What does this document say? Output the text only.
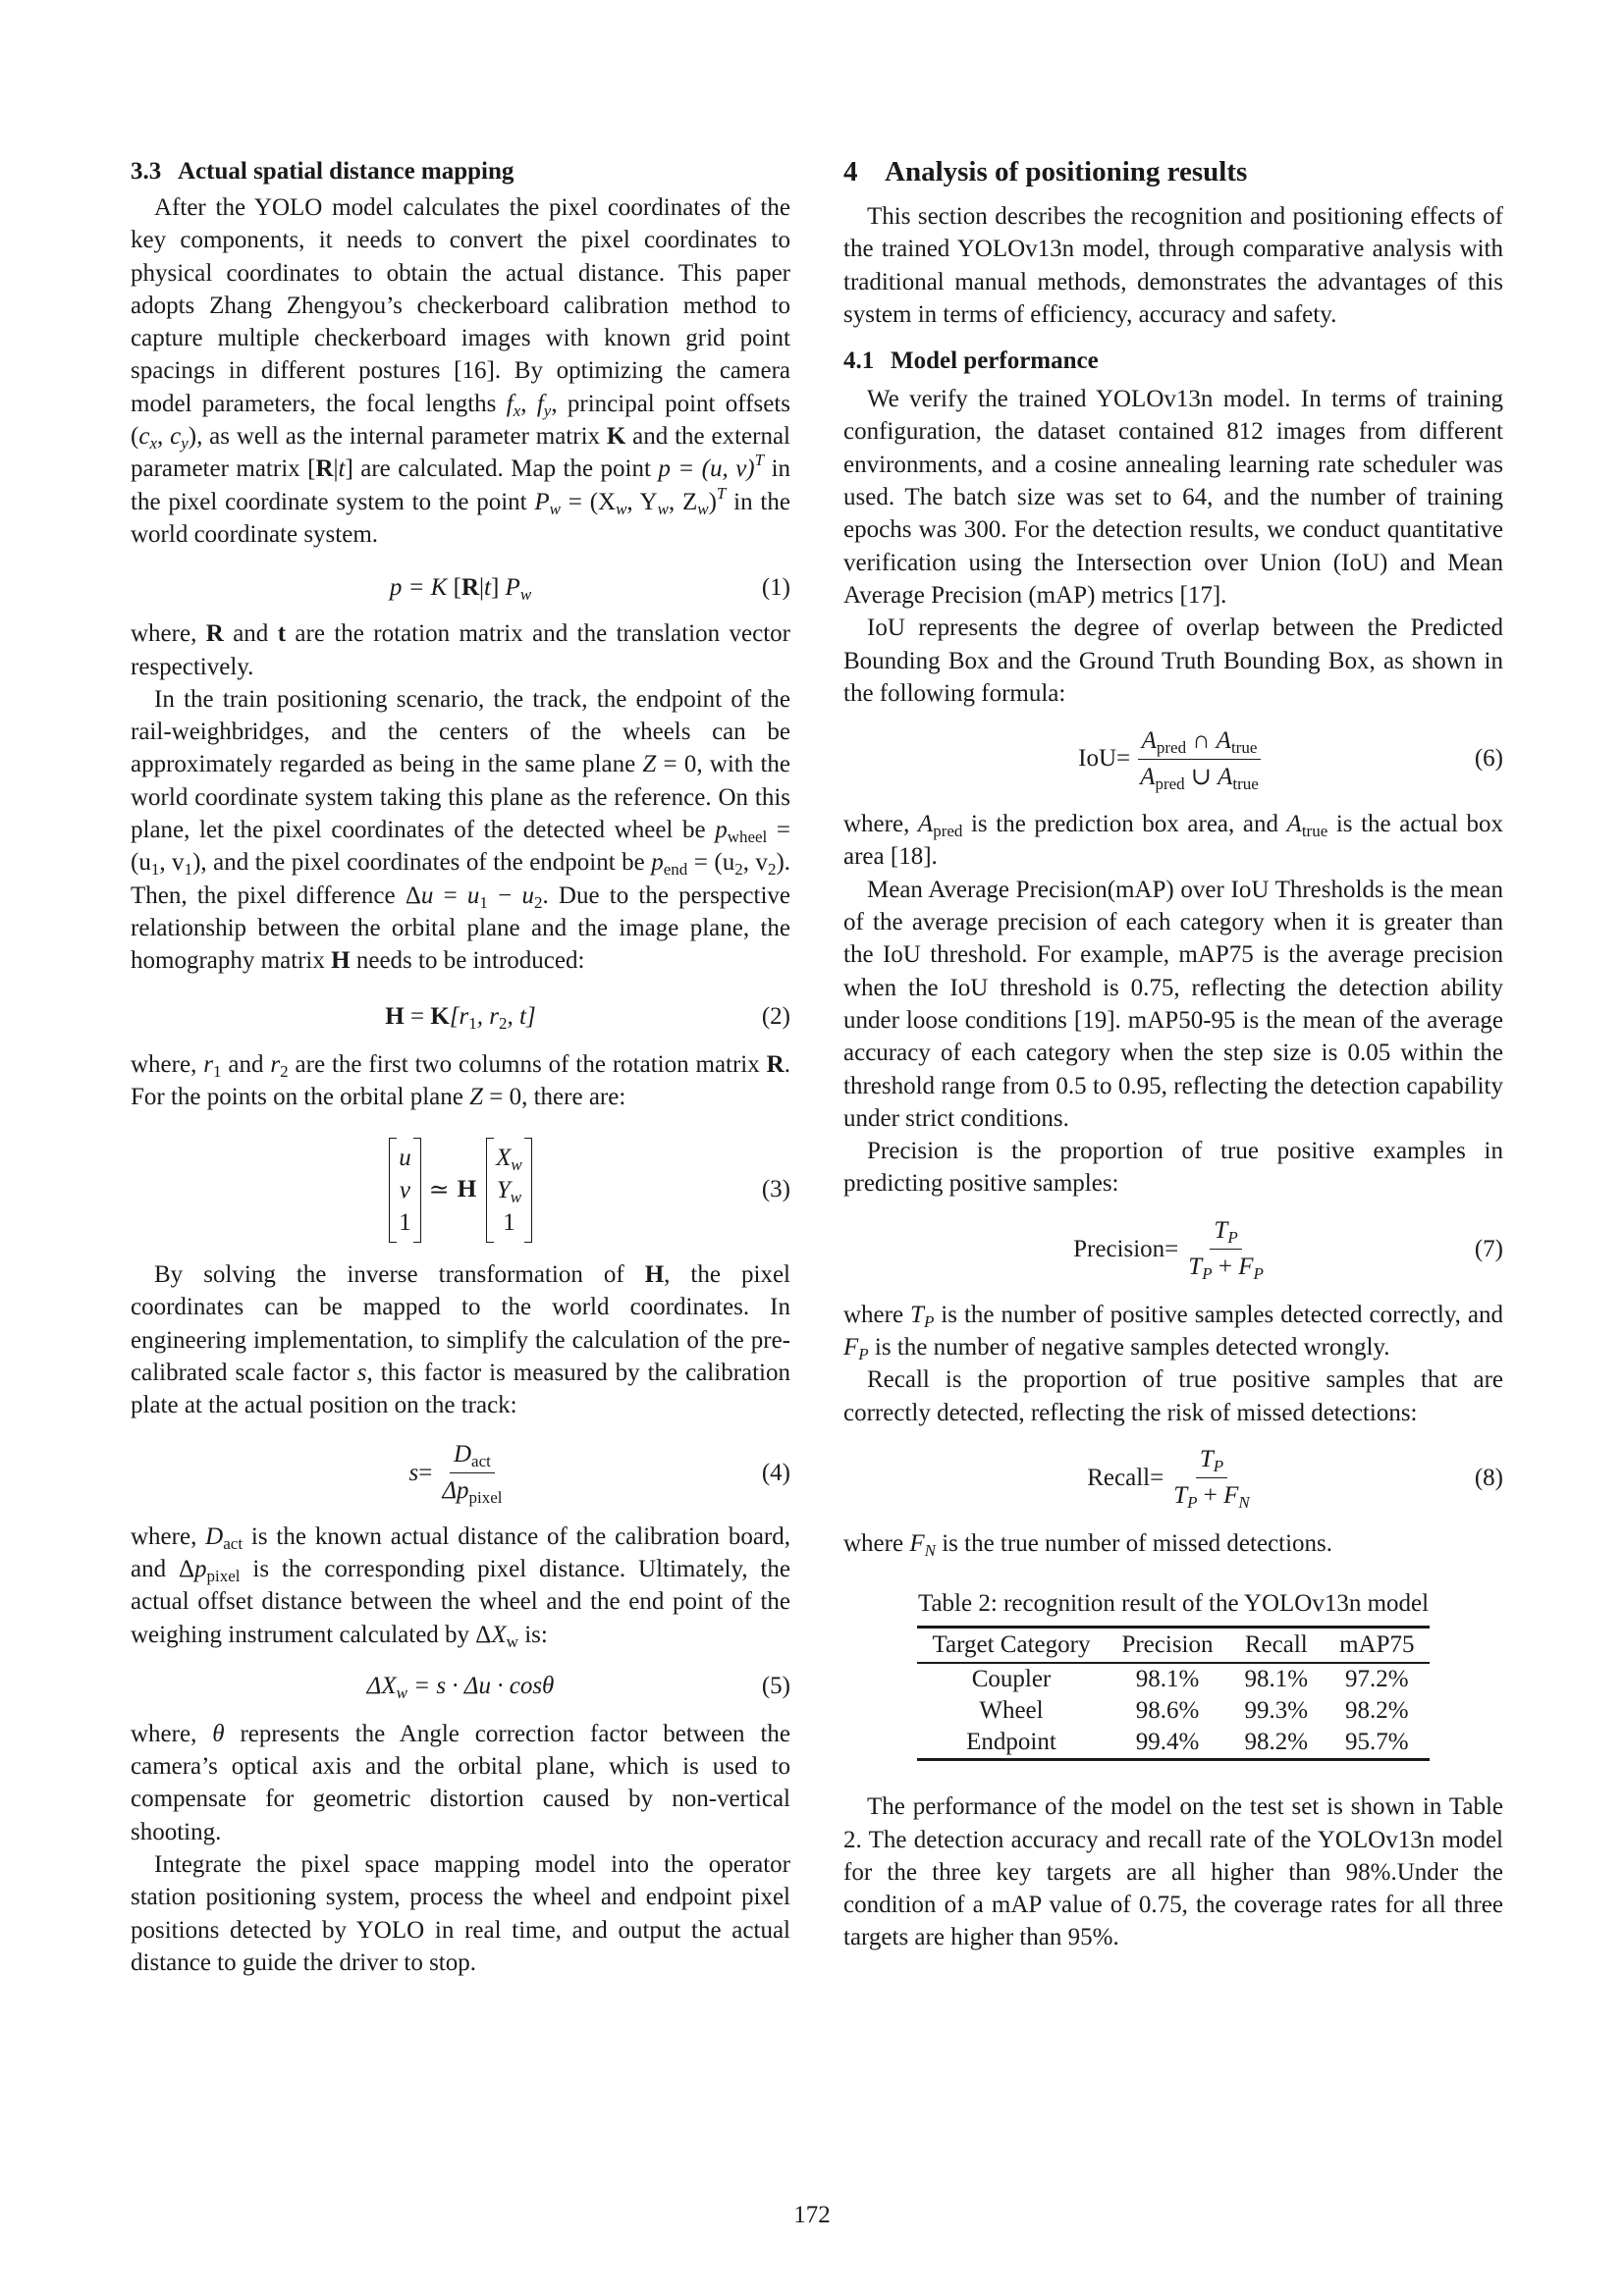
3.3 Actual spatial distance mapping

After the YOLO model calculates the pixel coordinates of the key components, it needs to convert the pixel coordinates to physical coordinates to obtain the actual distance. This paper adopts Zhang Zhengyou’s checkerboard calibration method to capture multiple checkerboard images with known grid point spacings in different postures [16]. By optimizing the camera model parameters, the focal lengths $f_x$, $f_y$, principal point offsets ($c_x$, $c_y$), as well as the internal parameter matrix K and the external parameter matrix [R|t] are calculated. Map the point p = (u, v)$^T$ in the pixel coordinate system to the point $P_w = (X_w$, $Y_w$, $Z_w)^T$ in the world coordinate system.

p = K [R|t] $P_w$	(1)

where, R and t are the rotation matrix and the translation vector respectively.

In the train positioning scenario, the track, the endpoint of the rail-weighbridges, and the centers of the wheels can be approximately regarded as being in the same plane Z = 0, with the world coordinate system taking this plane as the reference. On this plane, let the pixel coordinates of the detected wheel be $p_{wheel} = (u_1$, $v_1$), and the pixel coordinates of the endpoint be $p_{end} = (u_2$, $v_2$). Then, the pixel difference $\Delta u = u_1 - u_2$. Due to the perspective relationship between the orbital plane and the image plane, the homography matrix H needs to be introduced:

$H = K[r_1$, $r_2$, t]	(2)

where, $r_1$ and $r_2$ are the first two columns of the rotation matrix R. For the points on the orbital plane Z = 0, there are:

u
v
1
≃ H
$X_w$
$Y_w$
1
(3)

By solving the inverse transformation of H, the pixel coordinates can be mapped to the world coordinates. In engineering implementation, to simplify the calculation of the pre-calibrated scale factor s, this factor is measured by the calibration plate at the actual position on the track:

$s = \frac{D_{act}}{\Delta p_{pixel}}$	(4)

where, $D_{act}$ is the known actual distance of the calibration board, and $\Delta p_{pixel}$ is the corresponding pixel distance. Ultimately, the actual offset distance between the wheel and the end point of the weighing instrument calculated by $\Delta X_w$ is:

$\Delta X_w = s \cdot \Delta u \cdot \cos\theta$	(5)

where, θ represents the Angle correction factor between the camera’s optical axis and the orbital plane, which is used to compensate for geometric distortion caused by non-vertical shooting.

Integrate the pixel space mapping model into the operator station positioning system, process the wheel and endpoint pixel positions detected by YOLO in real time, and output the actual distance to guide the driver to stop.

4 Analysis of positioning results

This section describes the recognition and positioning effects of the trained YOLOv13n model, through comparative analysis with traditional manual methods, demonstrates the advantages of this system in terms of efficiency, accuracy and safety.

4.1 Model performance

We verify the trained YOLOv13n model. In terms of training configuration, the dataset contained 812 images from different environments, and a cosine annealing learning rate scheduler was used. The batch size was set to 64, and the number of training epochs was 300. For the detection results, we conduct quantitative verification using the Intersection over Union (IoU) and Mean Average Precision (mAP) metrics [17].

IoU represents the degree of overlap between the Predicted Bounding Box and the Ground Truth Bounding Box, as shown in the following formula:

IoU = $\frac{A_{pred} \cap A_{true}}{A_{pred} \cup A_{true}}$	(6)

where, $A_{pred}$ is the prediction box area, and $A_{true}$ is the actual box area [18].

Mean Average Precision(mAP) over IoU Thresholds is the mean of the average precision of each category when it is greater than the IoU threshold. For example, mAP75 is the average precision when the IoU threshold is 0.75, reflecting the detection ability under loose conditions [19]. mAP50-95 is the mean of the average accuracy of each category when the step size is 0.05 within the threshold range from 0.5 to 0.95, reflecting the detection capability under strict conditions.

Precision is the proportion of true positive examples in predicting positive samples:

Precision = $\frac{T_P}{T_P + F_P}$	(7)

where $T_P$ is the number of positive samples detected correctly, and $F_P$ is the number of negative samples detected wrongly.

Recall is the proportion of true positive samples that are correctly detected, reflecting the risk of missed detections:

Recall = $\frac{T_P}{T_P + F_N}$	(8)

where $F_N$ is the true number of missed detections.

Table 2: recognition result of the YOLOv13n model

Target Category	Precision	Recall	mAP75
Coupler	98.1%	98.1%	97.2%
Wheel	98.6%	99.3%	98.2%
Endpoint	99.4%	98.2%	95.7%

The performance of the model on the test set is shown in Table 2. The detection accuracy and recall rate of the YOLOv13n model for the three key targets are all higher than 98%.Under the condition of a mAP value of 0.75, the coverage rates for all three targets are higher than 95%.

172
